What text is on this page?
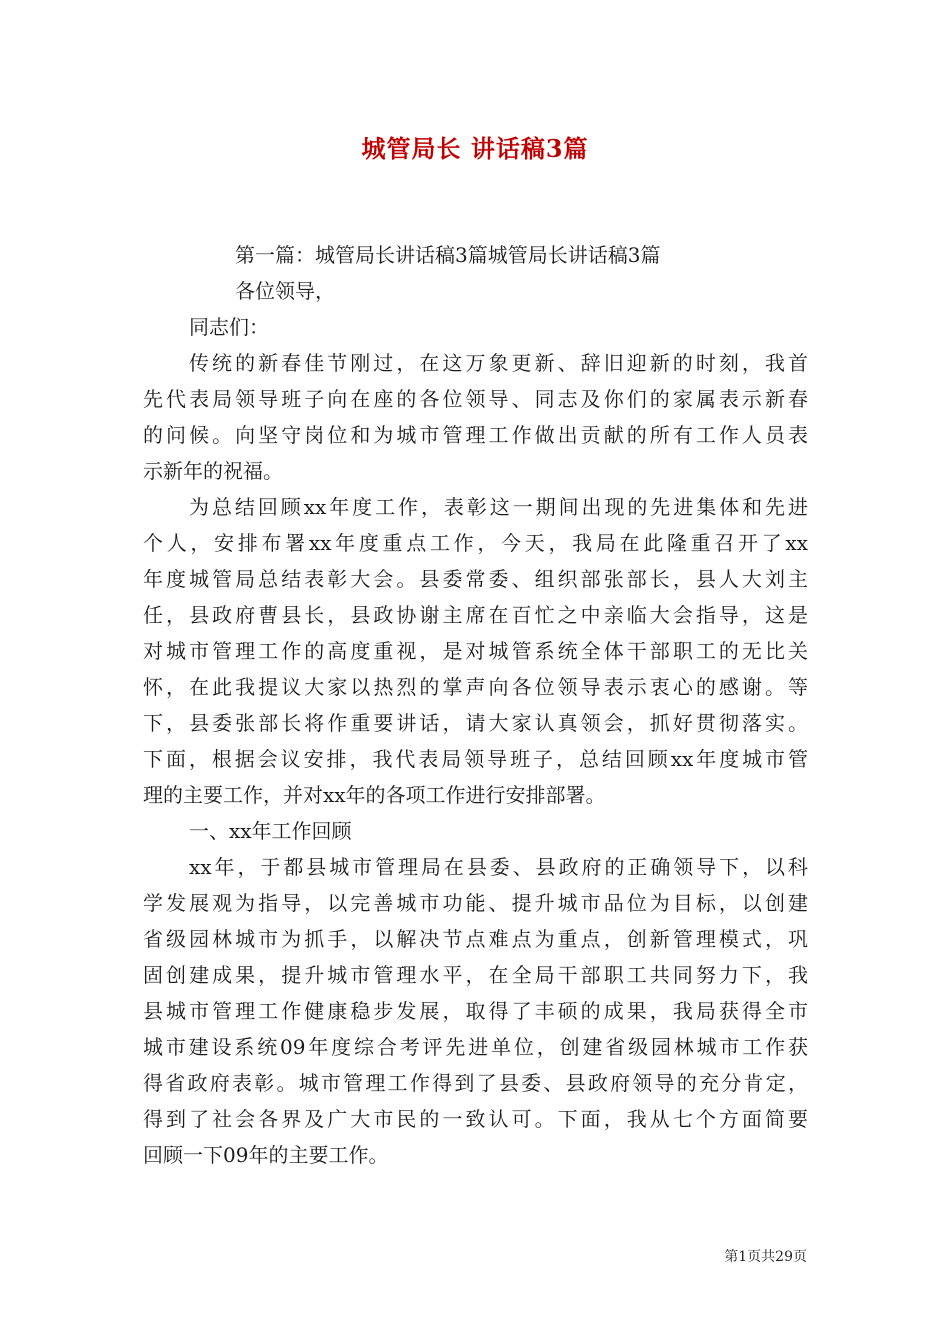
城管局长 讲话稿3篇
第一篇：城管局长讲话稿3篇城管局长讲话稿3篇
各位领导，
同志们：
传统的新春佳节刚过，在这万象更新、辞旧迎新的时刻，我首
先代表局领导班子向在座的各位领导、同志及你们的家属表示新春
的问候。向坚守岗位和为城市管理工作做出贡献的所有工作人员表
示新年的祝福。
为总结回顾xx年度工作，表彰这一期间出现的先进集体和先进
个人，安排布署xx年度重点工作，今天，我局在此隆重召开了xx
年度城管局总结表彰大会。县委常委、组织部张部长，县人大刘主
任，县政府曹县长，县政协谢主席在百忙之中亲临大会指导，这是
对城市管理工作的高度重视，是对城管系统全体干部职工的无比关
怀，在此我提议大家以热烈的掌声向各位领导表示衷心的感谢。等
下，县委张部长将作重要讲话，请大家认真领会，抓好贯彻落实。
下面，根据会议安排，我代表局领导班子，总结回顾xx年度城市管
理的主要工作，并对xx年的各项工作进行安排部署。
一、xx年工作回顾
xx年，于都县城市管理局在县委、县政府的正确领导下，以科
学发展观为指导，以完善城市功能、提升城市品位为目标，以创建
省级园林城市为抓手，以解决节点难点为重点，创新管理模式，巩
固创建成果，提升城市管理水平，在全局干部职工共同努力下，我
县城市管理工作健康稳步发展，取得了丰硕的成果，我局获得全市
城市建设系统09年度综合考评先进单位，创建省级园林城市工作获
得省政府表彰。城市管理工作得到了县委、县政府领导的充分肯定，
得到了社会各界及广大市民的一致认可。下面，我从七个方面简要
回顾一下09年的主要工作。
第1页共29页
